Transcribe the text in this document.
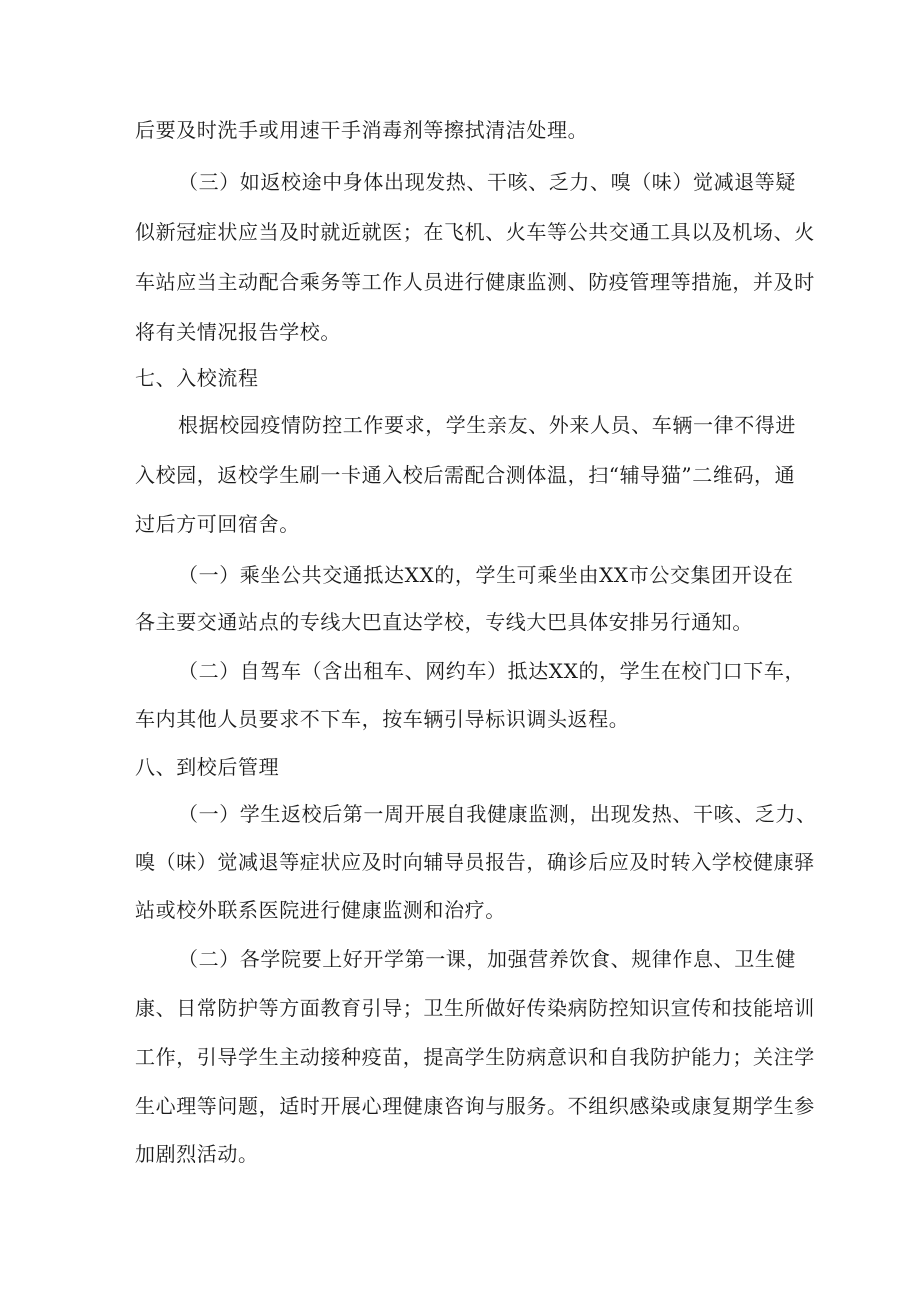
后要及时洗手或用速干手消毒剂等擦拭清洁处理。
（三）如返校途中身体出现发热、干咳、乏力、嗅（味）觉减退等疑
似新冠症状应当及时就近就医；在飞机、火车等公共交通工具以及机场、火
车站应当主动配合乘务等工作人员进行健康监测、防疫管理等措施，并及时
将有关情况报告学校。
七、入校流程
根据校园疫情防控工作要求，学生亲友、外来人员、车辆一律不得进
入校园，返校学生刷一卡通入校后需配合测体温，扫“辅导猫”二维码，通
过后方可回宿舍。
（一）乘坐公共交通抵达XX的，学生可乘坐由XX市公交集团开设在
各主要交通站点的专线大巴直达学校，专线大巴具体安排另行通知。
（二）自驾车（含出租车、网约车）抵达XX的，学生在校门口下车，
车内其他人员要求不下车，按车辆引导标识调头返程。
八、到校后管理
（一）学生返校后第一周开展自我健康监测，出现发热、干咳、乏力、
嗅（味）觉减退等症状应及时向辅导员报告，确诊后应及时转入学校健康驿
站或校外联系医院进行健康监测和治疗。
（二）各学院要上好开学第一课，加强营养饮食、规律作息、卫生健
康、日常防护等方面教育引导；卫生所做好传染病防控知识宣传和技能培训
工作，引导学生主动接种疫苗，提高学生防病意识和自我防护能力；关注学
生心理等问题，适时开展心理健康咨询与服务。不组织感染或康复期学生参
加剧烈活动。
